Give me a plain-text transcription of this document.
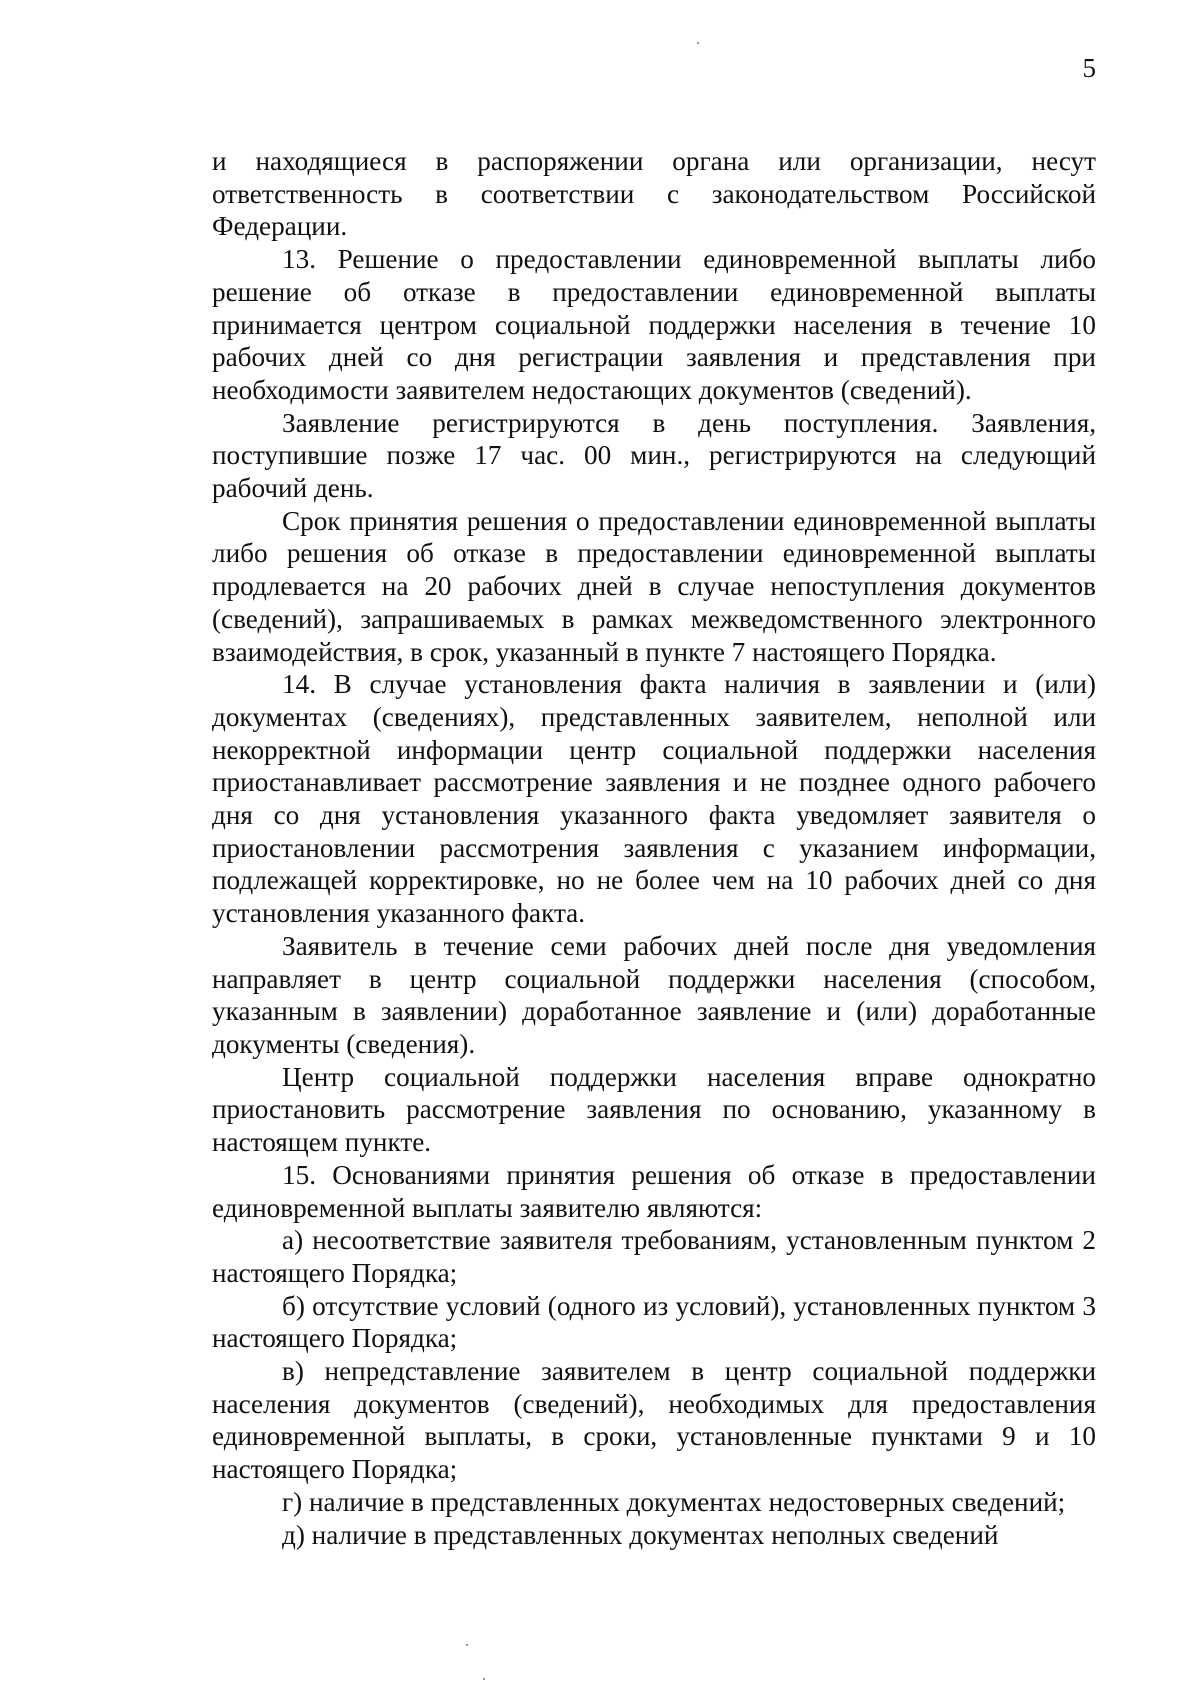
5

и находящиеся в распоряжении органа или организации, несут ответственность в соответствии с законодательством Российской Федерации.

13. Решение о предоставлении единовременной выплаты либо решение об отказе в предоставлении единовременной выплаты принимается центром социальной поддержки населения в течение 10 рабочих дней со дня регистрации заявления и представления при необходимости заявителем недостающих документов (сведений).

Заявление регистрируются в день поступления. Заявления, поступившие позже 17 час. 00 мин., регистрируются на следующий рабочий день.

Срок принятия решения о предоставлении единовременной выплаты либо решения об отказе в предоставлении единовременной выплаты продлевается на 20 рабочих дней в случае непоступления документов (сведений), запрашиваемых в рамках межведомственного электронного взаимодействия, в срок, указанный в пункте 7 настоящего Порядка.

14. В случае установления факта наличия в заявлении и (или) документах (сведениях), представленных заявителем, неполной или некорректной информации центр социальной поддержки населения приостанавливает рассмотрение заявления и не позднее одного рабочего дня со дня установления указанного факта уведомляет заявителя о приостановлении рассмотрения заявления с указанием информации, подлежащей корректировке, но не более чем на 10 рабочих дней со дня установления указанного факта.

Заявитель в течение семи рабочих дней после дня уведомления направляет в центр социальной поддержки населения (способом, указанным в заявлении) доработанное заявление и (или) доработанные документы (сведения).

Центр социальной поддержки населения вправе однократно приостановить рассмотрение заявления по основанию, указанному в настоящем пункте.

15. Основаниями принятия решения об отказе в предоставлении единовременной выплаты заявителю являются:

а) несоответствие заявителя требованиям, установленным пунктом 2 настоящего Порядка;

б) отсутствие условий (одного из условий), установленных пунктом 3 настоящего Порядка;

в) непредставление заявителем в центр социальной поддержки населения документов (сведений), необходимых для предоставления единовременной выплаты, в сроки, установленные пунктами 9 и 10 настоящего Порядка;

г) наличие в представленных документах недостоверных сведений;

д) наличие в представленных документах неполных сведений
